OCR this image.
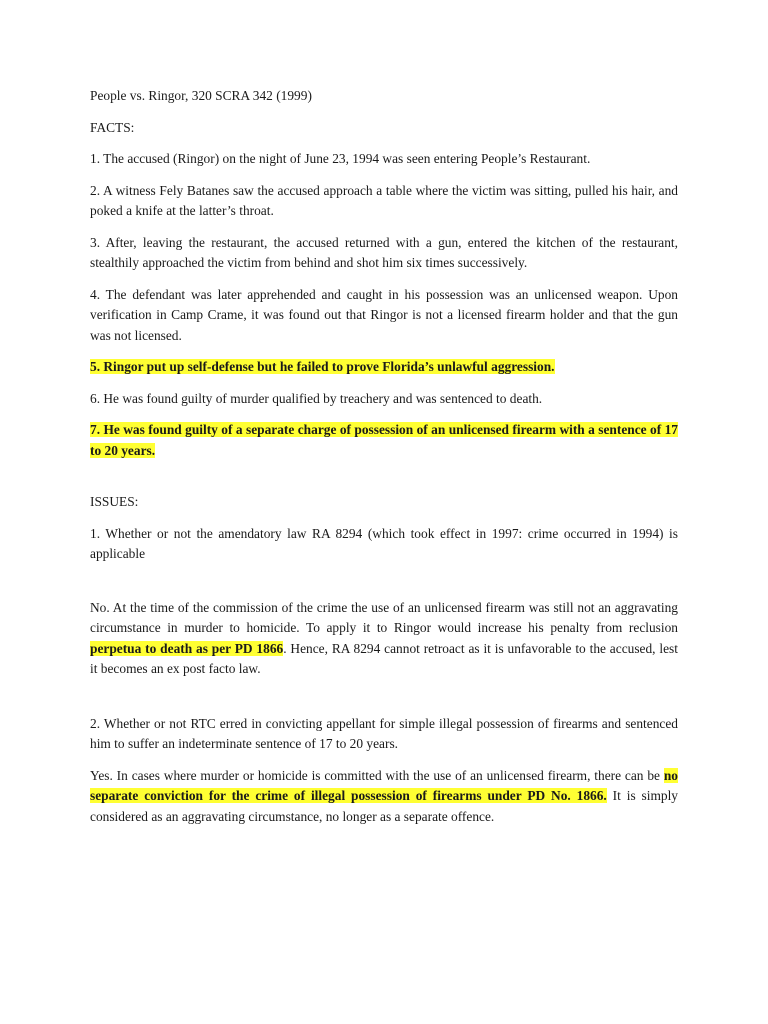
People vs. Ringor, 320 SCRA 342 (1999)

FACTS:

1. The accused (Ringor) on the night of June 23, 1994 was seen entering People’s Restaurant.

2. A witness Fely Batanes saw the accused approach a table where the victim was sitting, pulled his hair, and poked a knife at the latter’s throat.

3. After, leaving the restaurant, the accused returned with a gun, entered the kitchen of the restaurant, stealthily approached the victim from behind and shot him six times successively.

4. The defendant was later apprehended and caught in his possession was an unlicensed weapon. Upon verification in Camp Crame, it was found out that Ringor is not a licensed firearm holder and that the gun was not licensed.

5. Ringor put up self-defense but he failed to prove Florida’s unlawful aggression.

6. He was found guilty of murder qualified by treachery and was sentenced to death.

7. He was found guilty of a separate charge of possession of an unlicensed firearm with a sentence of 17 to 20 years.

ISSUES:

1. Whether or not the amendatory law RA 8294 (which took effect in 1997: crime occurred in 1994) is applicable

No. At the time of the commission of the crime the use of an unlicensed firearm was still not an aggravating circumstance in murder to homicide. To apply it to Ringor would increase his penalty from reclusion perpetua to death as per PD 1866. Hence, RA 8294 cannot retroact as it is unfavorable to the accused, lest it becomes an ex post facto law.

2. Whether or not RTC erred in convicting appellant for simple illegal possession of firearms and sentenced him to suffer an indeterminate sentence of 17 to 20 years.

Yes. In cases where murder or homicide is committed with the use of an unlicensed firearm, there can be no separate conviction for the crime of illegal possession of firearms under PD No. 1866. It is simply considered as an aggravating circumstance, no longer as a separate offence.
